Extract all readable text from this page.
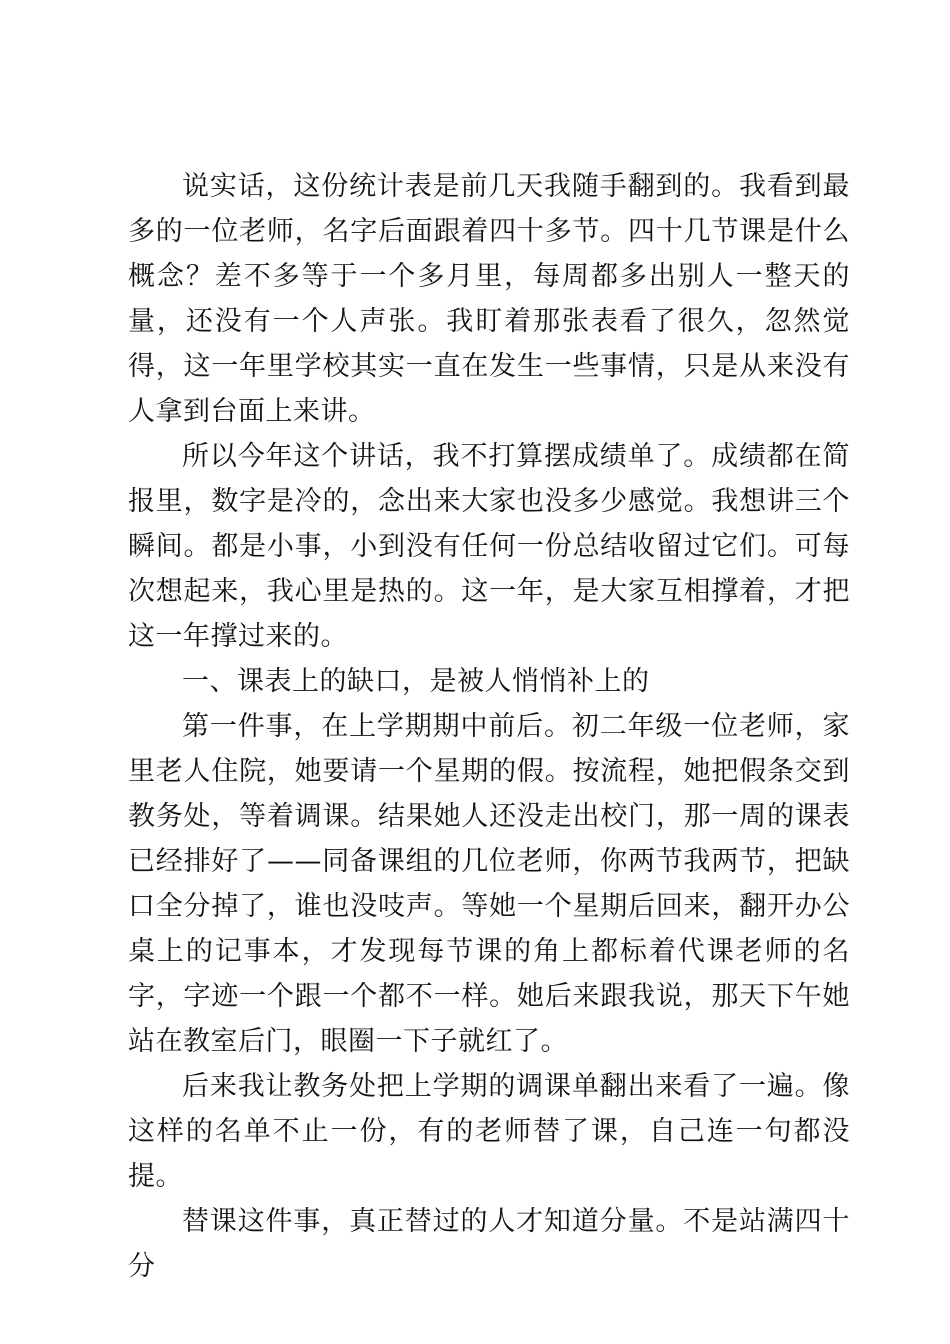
说实话，这份统计表是前几天我随手翻到的。我看到最多的一位老师，名字后面跟着四十多节。四十几节课是什么概念？差不多等于一个多月里，每周都多出别人一整天的量，还没有一个人声张。我盯着那张表看了很久，忽然觉得，这一年里学校其实一直在发生一些事情，只是从来没有人拿到台面上来讲。

所以今年这个讲话，我不打算摆成绩单了。成绩都在简报里，数字是冷的，念出来大家也没多少感觉。我想讲三个瞬间。都是小事，小到没有任何一份总结收留过它们。可每次想起来，我心里是热的。这一年，是大家互相撑着，才把这一年撑过来的。

一、课表上的缺口，是被人悄悄补上的

第一件事，在上学期期中前后。初二年级一位老师，家里老人住院，她要请一个星期的假。按流程，她把假条交到教务处，等着调课。结果她人还没走出校门，那一周的课表已经排好了——同备课组的几位老师，你两节我两节，把缺口全分掉了，谁也没吱声。等她一个星期后回来，翻开办公桌上的记事本，才发现每节课的角上都标着代课老师的名字，字迹一个跟一个都不一样。她后来跟我说，那天下午她站在教室后门，眼圈一下子就红了。

后来我让教务处把上学期的调课单翻出来看了一遍。像这样的名单不止一份，有的老师替了课，自己连一句都没提。

替课这件事，真正替过的人才知道分量。不是站满四十分
